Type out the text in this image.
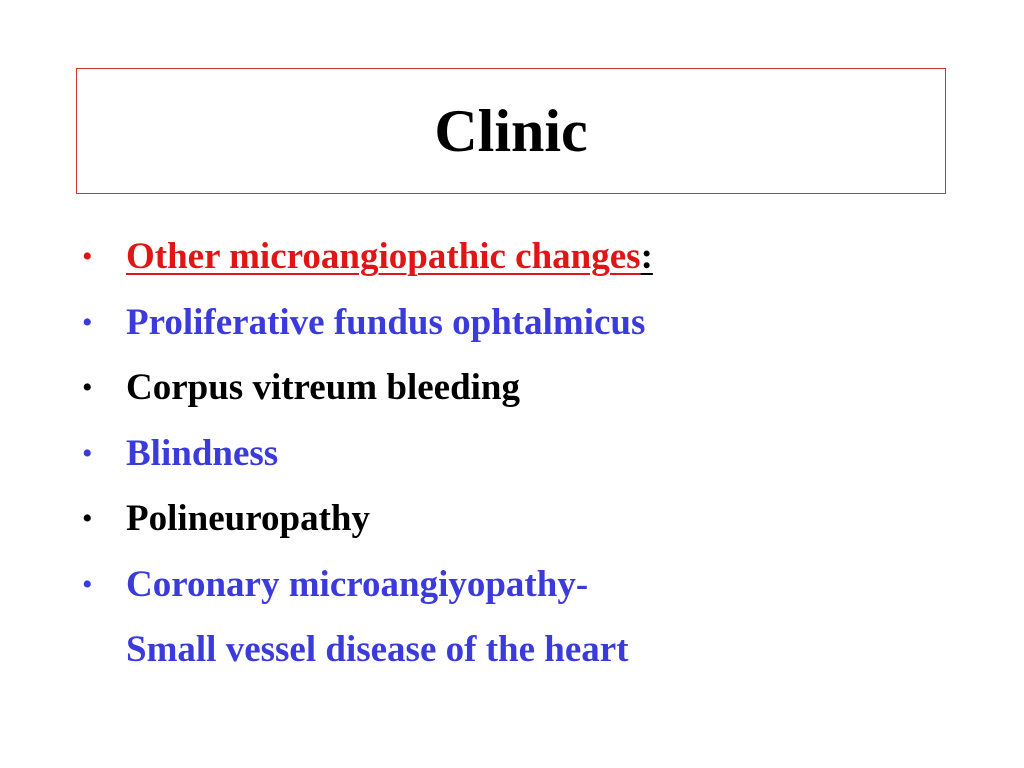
Clinic
• Other microangiopathic changes:
• Proliferative fundus ophtalmicus
• Corpus vitreum bleeding
• Blindness
• Polineuropathy
• Coronary microangiyopathy-
Small vessel disease of the heart
